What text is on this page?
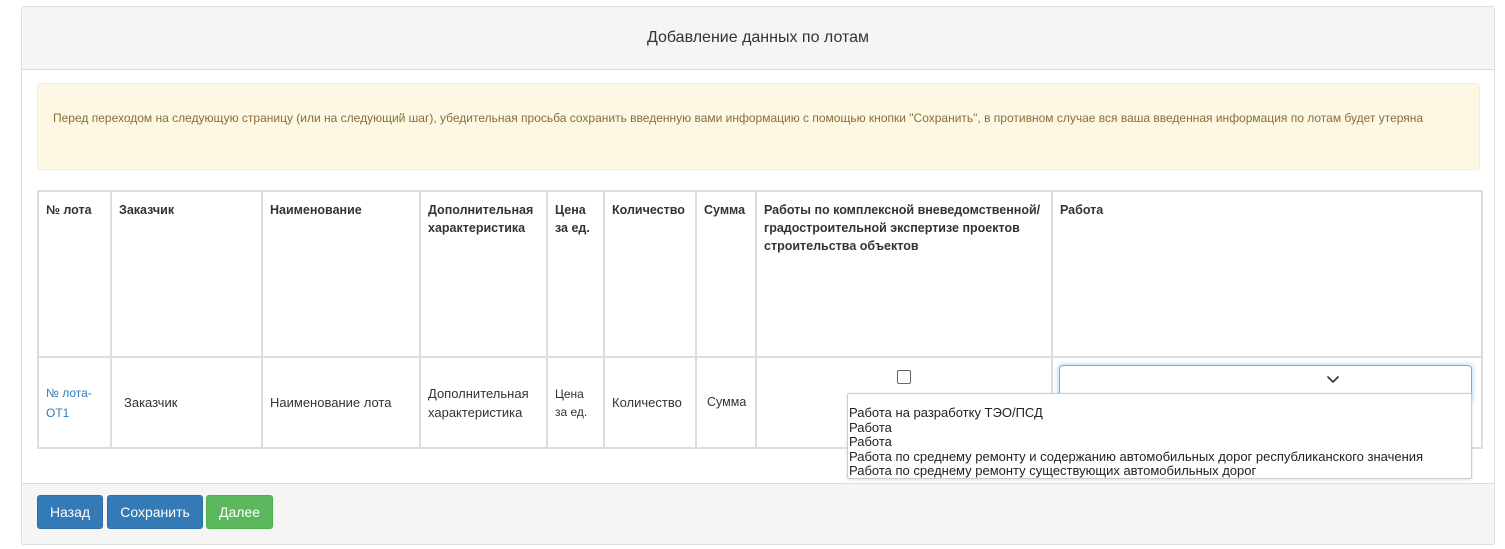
Добавление данных по лотам
Перед переходом на следующую страницу (или на следующий шаг), убедительная просьба сохранить введенную вами информацию с помощью кнопки "Сохранить", в противном случае вся ваша введенная информация по лотам будет утеряна
№ лота	Заказчик	Наименование	Дополнительная характеристика	Цена за ед.	Количество	Сумма	Работы по комплексной вневедомственной/градостроительной экспертизе проектов строительства объектов	Работа
№ лота-ОТ1	Заказчик	Наименование лота	Дополнительная характеристика	Цена за ед.	Количество	Сумма		
Работа на разработку ТЭО/ПСД
Работа
Работа
Работа по среднему ремонту и содержанию автомобильных дорог республиканского значения
Работа по среднему ремонту существующих автомобильных дорог
Назад	Сохранить	Далее
